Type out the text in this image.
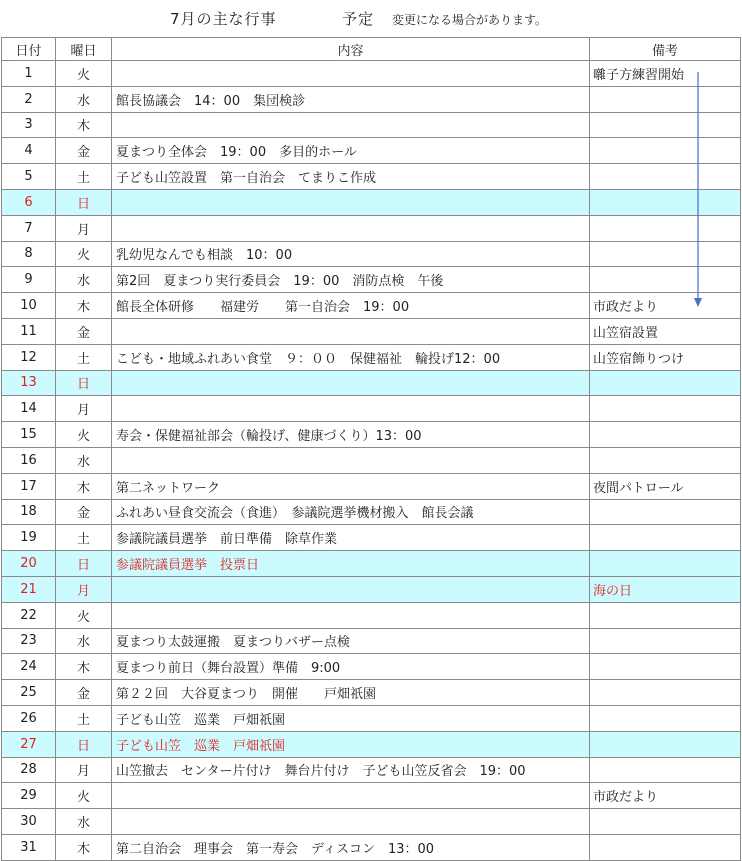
7月の主な行事	予定 変更になる場合があります。
日付	曜日	内容	備考
1	火		囃子方練習開始
2	水	館長協議会　14：00　集団検診	
3	木		
4	金	夏まつり全体会　19：00　多目的ホール	
5	土	子ども山笠設置　第一自治会　てまりこ作成	
6	日		
7	月		
8	火	乳幼児なんでも相談　10：00	
9	水	第2回　夏まつり実行委員会　19：00　消防点検　午後	
10	木	館長全体研修　　福建労　　第一自治会　19：00	市政だより
11	金		山笠宿設置
12	土	こども・地域ふれあい食堂　９：００　保健福祉　輪投げ12：00	山笠宿飾りつけ
13	日		
14	月		
15	火	寿会・保健福祉部会（輪投げ、健康づくり）13：00	
16	水		
17	木	第二ネットワーク	夜間パトロール
18	金	ふれあい昼食交流会（食進）　参議院選挙機材搬入　館長会議	
19	土	参議院議員選挙　前日準備　除草作業	
20	日	参議院議員選挙　投票日	
21	月		海の日
22	火		
23	水	夏まつり太鼓運搬　夏まつりバザー点検	
24	木	夏まつり前日（舞台設置）準備　9:00	
25	金	第２２回　大谷夏まつり　開催　　戸畑祇園	
26	土	子ども山笠　巡業　戸畑祇園	
27	日	子ども山笠　巡業　戸畑祇園	
28	月	山笠撤去　センター片付け　舞台片付け　子ども山笠反省会　19：00	
29	火		市政だより
30	水		
31	木	第二自治会　理事会　第一寿会　ディスコン　13：00	
